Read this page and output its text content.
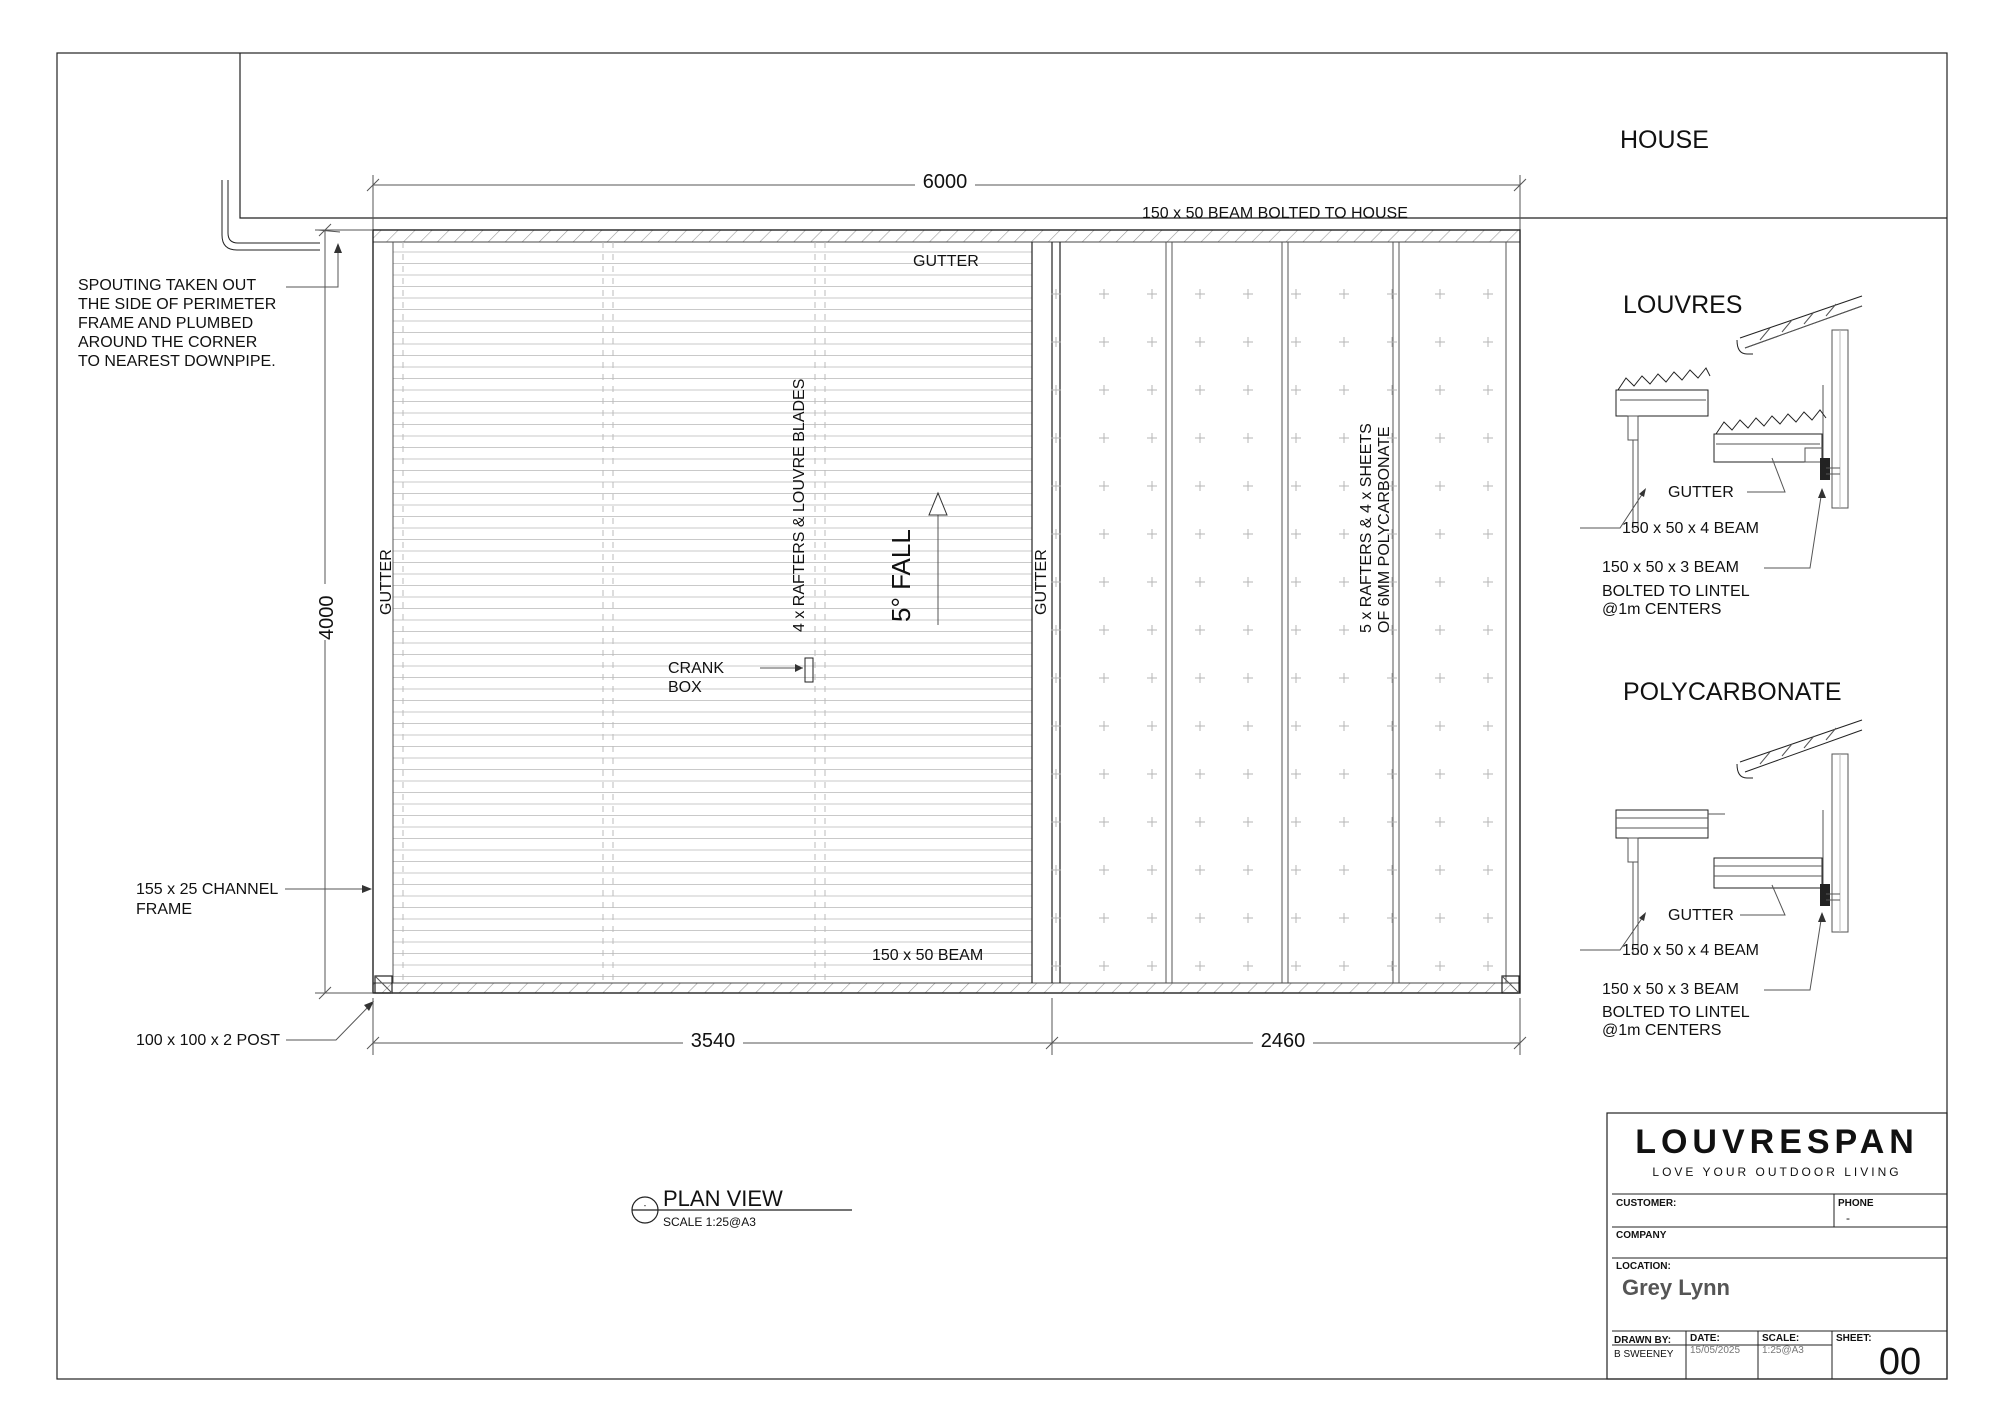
HOUSE
6000
150 x 50 BEAM BOLTED TO HOUSE
GUTTER
GUTTER	GUTTER
4 x RAFTERS & LOUVRE BLADES	5° FALL
CRANK
BOX
5 x RAFTERS & 4 x SHEETS OF 6MM POLYCARBONATE
SPOUTING TAKEN OUT
THE SIDE OF PERIMETER
FRAME AND PLUMBED
AROUND THE CORNER
TO NEAREST DOWNPIPE.
4000
155 x 25 CHANNEL
FRAME
150 x 50 BEAM
100 x 100 x 2 POST	3540	2460
- PLAN VIEW
SCALE 1:25@A3
LOUVRES
GUTTER
150 x 50 x 4 BEAM
150 x 50 x 3 BEAM
BOLTED TO LINTEL
@1m CENTERS
POLYCARBONATE
GUTTER
150 x 50 x 4 BEAM
150 x 50 x 3 BEAM
BOLTED TO LINTEL
@1m CENTERS
LOUVRESPAN
LOVE YOUR OUTDOOR LIVING
CUSTOMER:	PHONE
-
COMPANY
LOCATION:
Grey Lynn
DRAWN BY:
B SWEENEY
DATE:
15/05/2025
SCALE:
1:25@A3
SHEET:
00
